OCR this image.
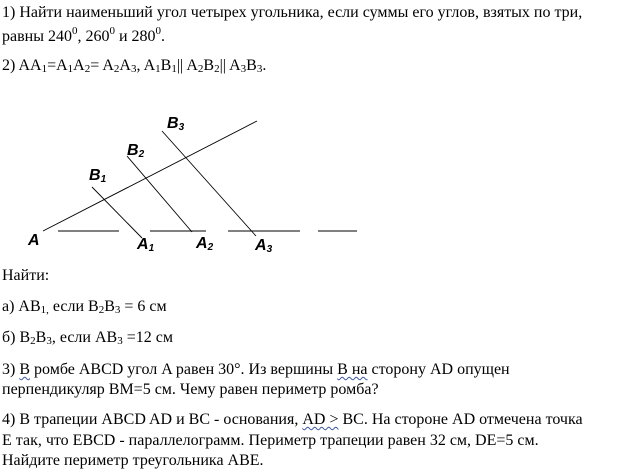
1) Найти наименьший угол четырех угольника, если суммы его углов, взятых по три,

равны $240^0$, $260^0$ и $280^0$.

2) AA1=A1A2= A2A3, A1B1|| A2B2|| A3B3.

A	A1	A2	A3
B1
B2
B3

Найти:

а) AB1, если B2B3 = 6 см

б) B2B3, если AB3 =12 см

3) В ромбе ABCD угол A равен 30°. Из вершины В на сторону AD опущен

перпендикуляр BM=5 см. Чему равен периметр ромба?

4) В трапеции ABCD AD и BC - основания, AD > BC. На стороне AD отмечена точка

E так, что EBCD - параллелограмм. Периметр трапеции равен 32 см, DE=5 см.

Найдите периметр треугольника ABE.
